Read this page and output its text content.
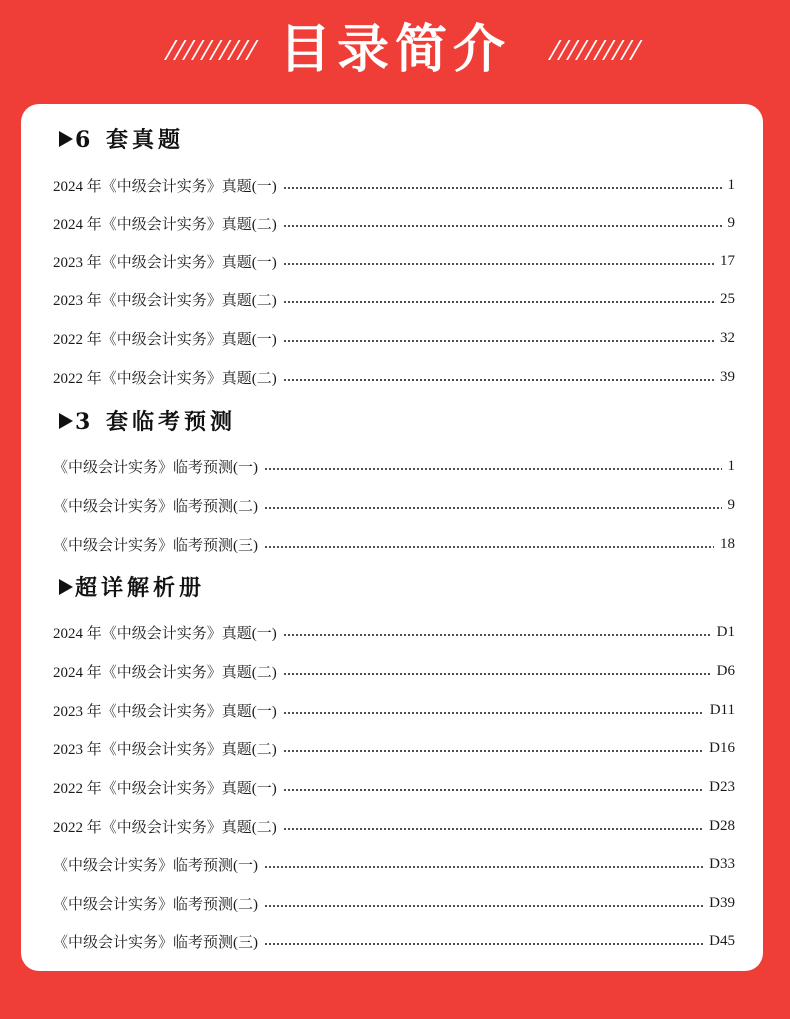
目录简介
6 套真题
2024 年《中级会计实务》真题(一)	1
2024 年《中级会计实务》真题(二)	9
2023 年《中级会计实务》真题(一)	17
2023 年《中级会计实务》真题(二)	25
2022 年《中级会计实务》真题(一)	32
2022 年《中级会计实务》真题(二)	39
3 套临考预测
《中级会计实务》临考预测(一)	1
《中级会计实务》临考预测(二)	9
《中级会计实务》临考预测(三)	18
超详解析册
2024 年《中级会计实务》真题(一)	D1
2024 年《中级会计实务》真题(二)	D6
2023 年《中级会计实务》真题(一)	D11
2023 年《中级会计实务》真题(二)	D16
2022 年《中级会计实务》真题(一)	D23
2022 年《中级会计实务》真题(二)	D28
《中级会计实务》临考预测(一)	D33
《中级会计实务》临考预测(二)	D39
《中级会计实务》临考预测(三)	D45
